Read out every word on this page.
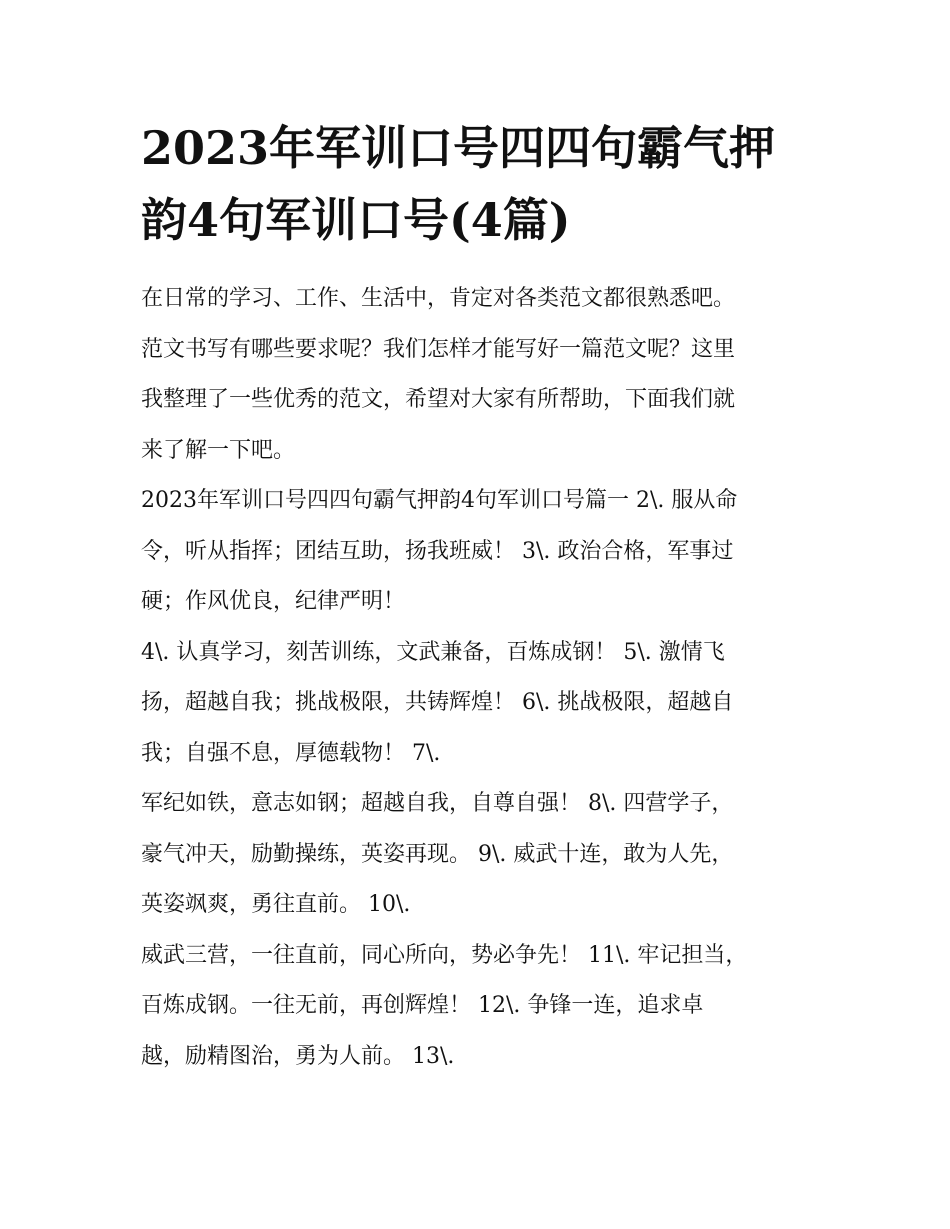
2023年军训口号四四句霸气押
韵4句军训口号(4篇)

在日常的学习、工作、生活中，肯定对各类范文都很熟悉吧。
范文书写有哪些要求呢？我们怎样才能写好一篇范文呢？这里
我整理了一些优秀的范文，希望对大家有所帮助，下面我们就
来了解一下吧。

2023年军训口号四四句霸气押韵4句军训口号篇一 2\. 服从命
令，听从指挥；团结互助，扬我班威！ 3\. 政治合格，军事过
硬；作风优良，纪律严明！

4\. 认真学习，刻苦训练，文武兼备，百炼成钢！ 5\. 激情飞
扬，超越自我；挑战极限，共铸辉煌！ 6\. 挑战极限，超越自
我；自强不息，厚德载物！ 7\.

军纪如铁，意志如钢；超越自我，自尊自强！ 8\. 四营学子，
豪气冲天，励勤操练，英姿再现。 9\. 威武十连，敢为人先，
英姿飒爽，勇往直前。 10\.

威武三营，一往直前，同心所向，势必争先！ 11\. 牢记担当，
百炼成钢。一往无前，再创辉煌！ 12\. 争锋一连，追求卓
越，励精图治，勇为人前。 13\.
